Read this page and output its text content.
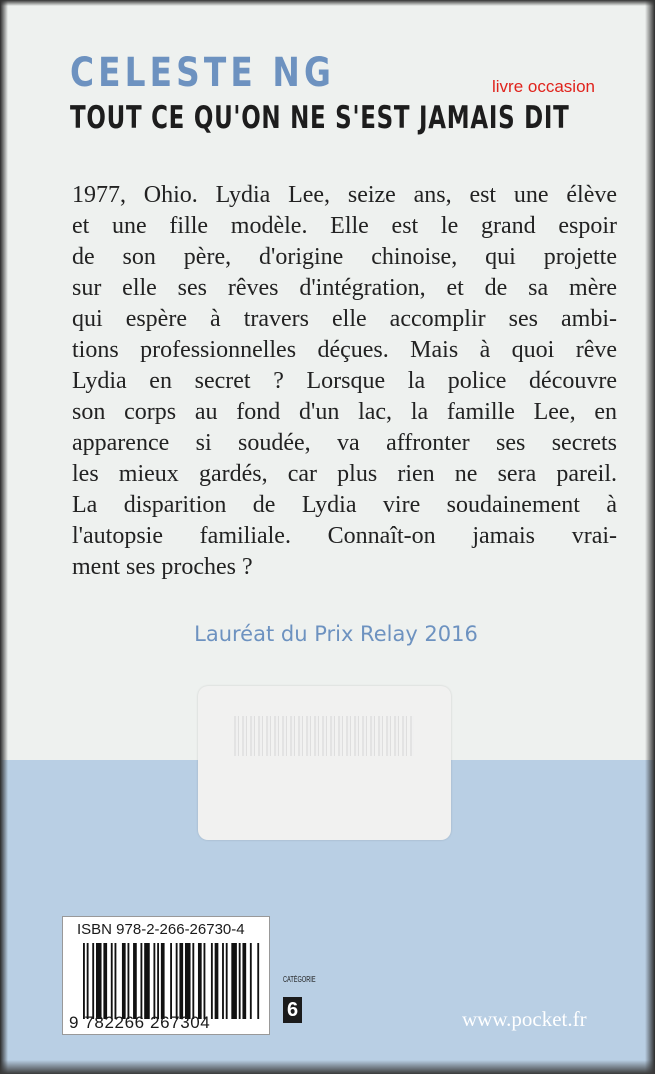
CELESTE NG
TOUT CE QU'ON NE S'EST JAMAIS DIT
livre occasion
1977, Ohio. Lydia Lee, seize ans, est une élève
et une fille modèle. Elle est le grand espoir
de son père, d'origine chinoise, qui projette
sur elle ses rêves d'intégration, et de sa mère
qui espère à travers elle accomplir ses ambi-
tions professionnelles déçues. Mais à quoi rêve
Lydia en secret ? Lorsque la police découvre
son corps au fond d'un lac, la famille Lee, en
apparence si soudée, va affronter ses secrets
les mieux gardés, car plus rien ne sera pareil.
La disparition de Lydia vire soudainement à
l'autopsie familiale. Connaît-on jamais vrai-
ment ses proches ?
Lauréat du Prix Relay 2016
ISBN 978-2-266-26730-4
9 782266 267304
CATÉGORIE
6	www.pocket.fr
